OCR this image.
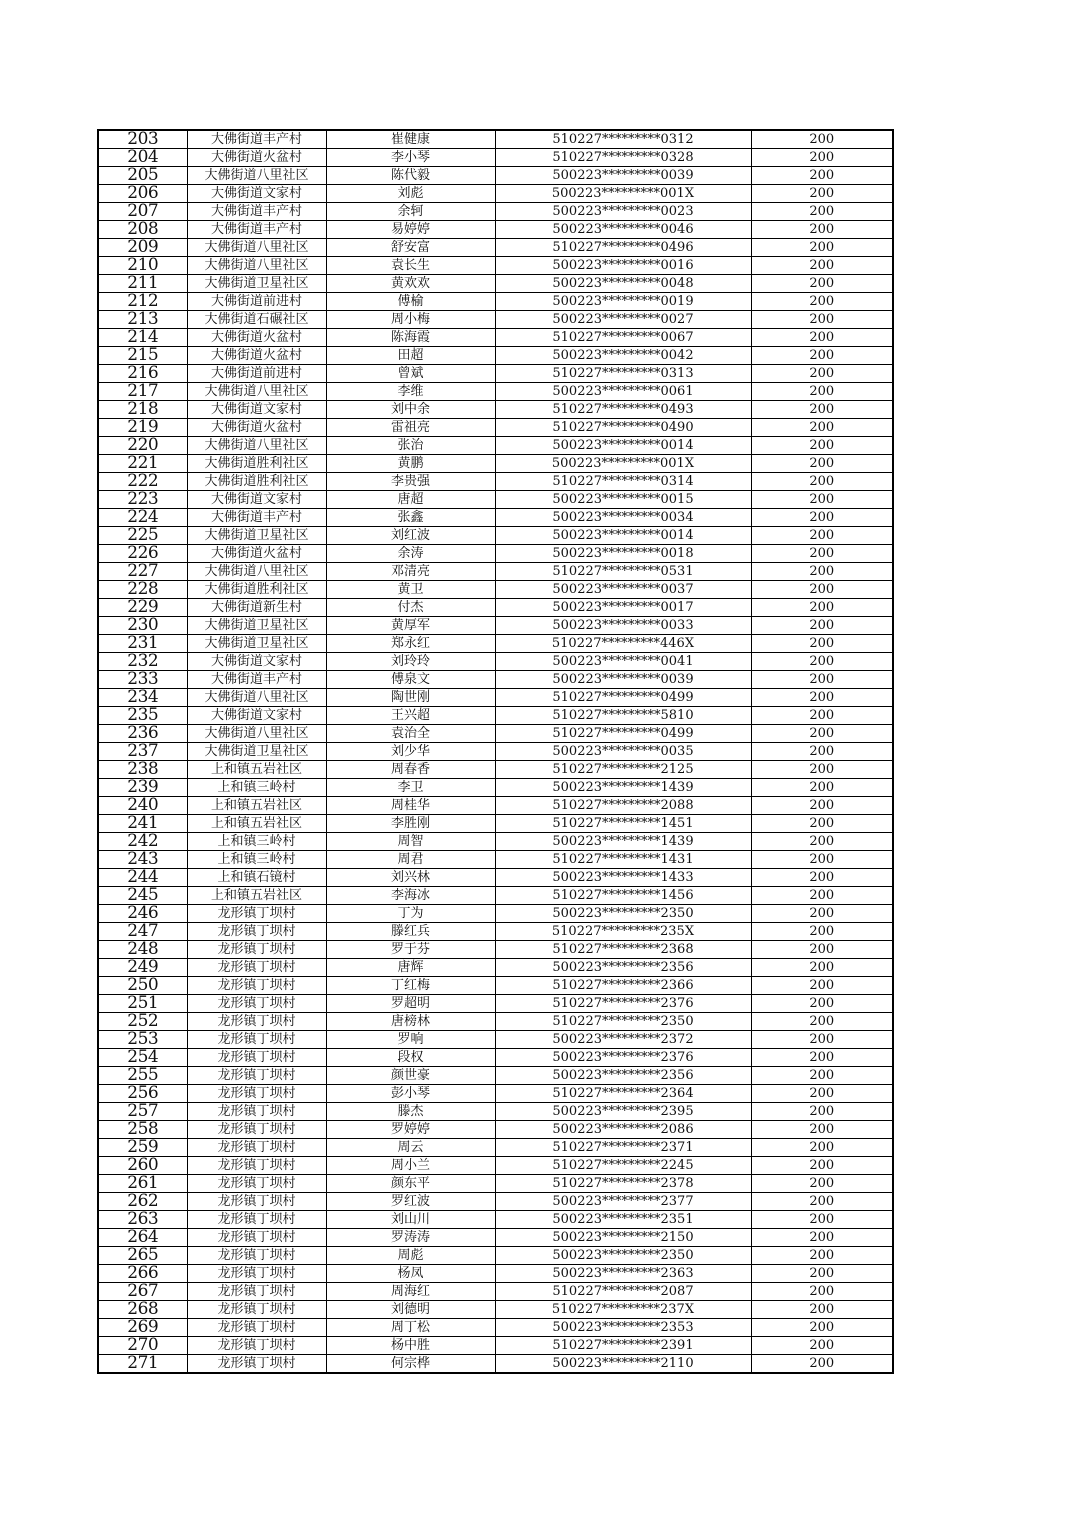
203	大佛街道丰产村	崔健康	510227*********0312	200
204	大佛街道火盆村	李小琴	510227*********0328	200
205	大佛街道八里社区	陈代毅	500223*********0039	200
206	大佛街道文家村	刘彪	500223*********001X	200
207	大佛街道丰产村	余轲	500223*********0023	200
208	大佛街道丰产村	易婷婷	500223*********0046	200
209	大佛街道八里社区	舒安富	510227*********0496	200
210	大佛街道八里社区	袁长生	500223*********0016	200
211	大佛街道卫星社区	黄欢欢	500223*********0048	200
212	大佛街道前进村	傅榆	500223*********0019	200
213	大佛街道石碾社区	周小梅	500223*********0027	200
214	大佛街道火盆村	陈海霞	510227*********0067	200
215	大佛街道火盆村	田超	500223*********0042	200
216	大佛街道前进村	曾斌	510227*********0313	200
217	大佛街道八里社区	李维	500223*********0061	200
218	大佛街道文家村	刘中余	510227*********0493	200
219	大佛街道火盆村	雷祖亮	510227*********0490	200
220	大佛街道八里社区	张治	500223*********0014	200
221	大佛街道胜利社区	黄鹏	500223*********001X	200
222	大佛街道胜利社区	李贵强	510227*********0314	200
223	大佛街道文家村	唐超	500223*********0015	200
224	大佛街道丰产村	张鑫	500223*********0034	200
225	大佛街道卫星社区	刘红波	500223*********0014	200
226	大佛街道火盆村	余涛	500223*********0018	200
227	大佛街道八里社区	邓清亮	510227*********0531	200
228	大佛街道胜利社区	黄卫	500223*********0037	200
229	大佛街道新生村	付杰	500223*********0017	200
230	大佛街道卫星社区	黄厚军	500223*********0033	200
231	大佛街道卫星社区	郑永红	510227*********446X	200
232	大佛街道文家村	刘玲玲	500223*********0041	200
233	大佛街道丰产村	傅泉文	500223*********0039	200
234	大佛街道八里社区	陶世刚	510227*********0499	200
235	大佛街道文家村	王兴超	510227*********5810	200
236	大佛街道八里社区	袁治全	510227*********0499	200
237	大佛街道卫星社区	刘少华	500223*********0035	200
238	上和镇五岩社区	周春香	510227*********2125	200
239	上和镇三岭村	李卫	500223*********1439	200
240	上和镇五岩社区	周桂华	510227*********2088	200
241	上和镇五岩社区	李胜刚	510227*********1451	200
242	上和镇三岭村	周智	500223*********1439	200
243	上和镇三岭村	周君	510227*********1431	200
244	上和镇石镜村	刘兴林	500223*********1433	200
245	上和镇五岩社区	李海冰	510227*********1456	200
246	龙形镇丁坝村	丁为	500223*********2350	200
247	龙形镇丁坝村	滕红兵	510227*********235X	200
248	龙形镇丁坝村	罗于芬	510227*********2368	200
249	龙形镇丁坝村	唐辉	500223*********2356	200
250	龙形镇丁坝村	丁红梅	510227*********2366	200
251	龙形镇丁坝村	罗超明	510227*********2376	200
252	龙形镇丁坝村	唐榜林	510227*********2350	200
253	龙形镇丁坝村	罗响	500223*********2372	200
254	龙形镇丁坝村	段权	500223*********2376	200
255	龙形镇丁坝村	颜世豪	500223*********2356	200
256	龙形镇丁坝村	彭小琴	510227*********2364	200
257	龙形镇丁坝村	滕杰	500223*********2395	200
258	龙形镇丁坝村	罗婷婷	500223*********2086	200
259	龙形镇丁坝村	周云	510227*********2371	200
260	龙形镇丁坝村	周小兰	510227*********2245	200
261	龙形镇丁坝村	颜东平	510227*********2378	200
262	龙形镇丁坝村	罗红波	500223*********2377	200
263	龙形镇丁坝村	刘山川	500223*********2351	200
264	龙形镇丁坝村	罗涛涛	500223*********2150	200
265	龙形镇丁坝村	周彪	500223*********2350	200
266	龙形镇丁坝村	杨凤	500223*********2363	200
267	龙形镇丁坝村	周海红	510227*********2087	200
268	龙形镇丁坝村	刘德明	510227*********237X	200
269	龙形镇丁坝村	周丁松	500223*********2353	200
270	龙形镇丁坝村	杨中胜	510227*********2391	200
271	龙形镇丁坝村	何宗桦	500223*********2110	200
